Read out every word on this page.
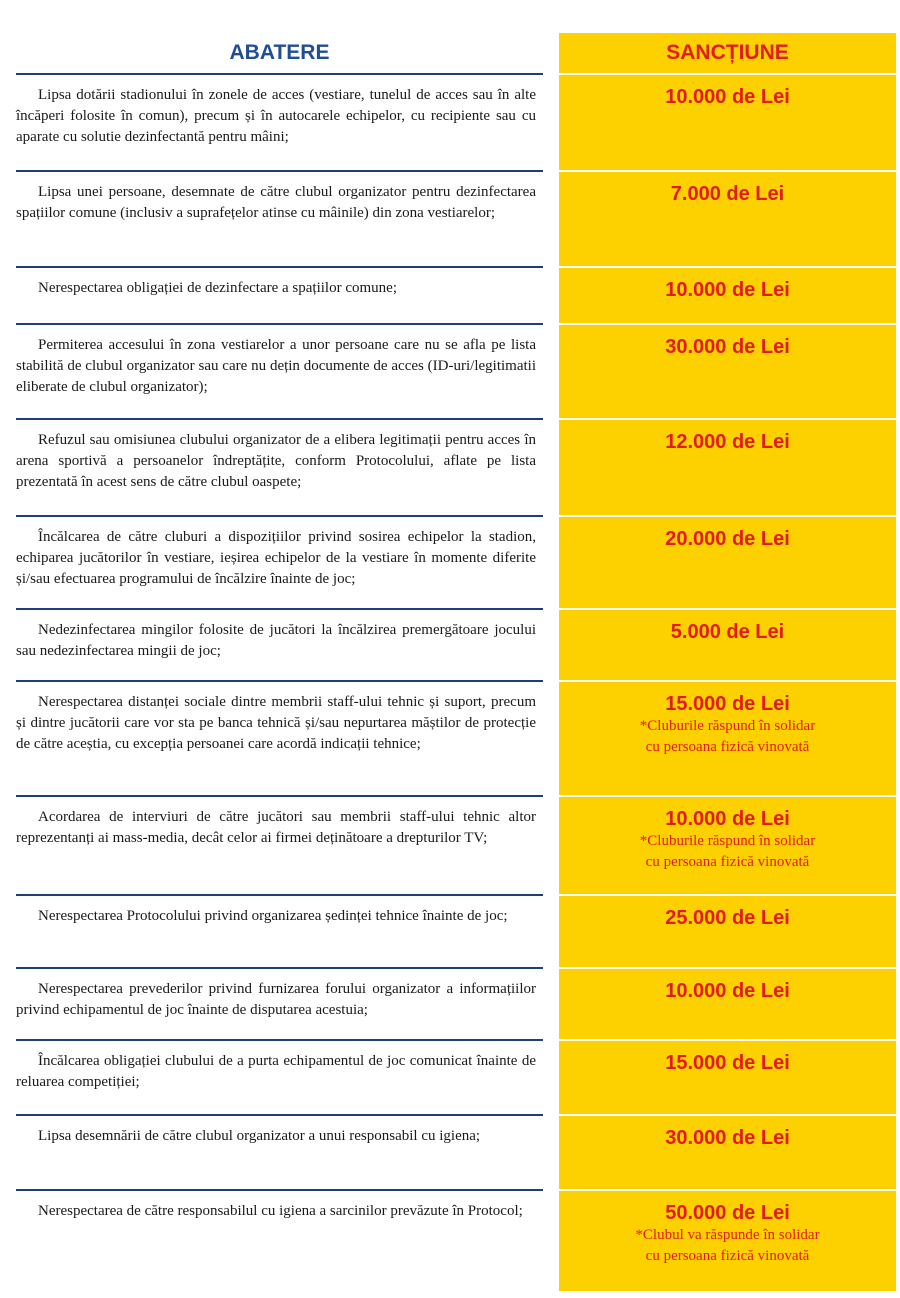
ABATERE	SANCȚIUNE
Lipsa dotării stadionului în zonele de acces (vestiare, tunelul de acces sau în alte încăperi folosite în comun), precum și în autocarele echipelor, cu recipiente sau cu aparate cu solutie dezinfectantă pentru mâini;
10.000 de Lei
Lipsa unei persoane, desemnate de către clubul organizator pentru dezinfectarea spațiilor comune (inclusiv a suprafețelor atinse cu mâinile) din zona vestiarelor;
7.000 de Lei
Nerespectarea obligației de dezinfectare a spațiilor comune;	10.000 de Lei
Permiterea accesului în zona vestiarelor a unor persoane care nu se afla pe lista stabilită de clubul organizator sau care nu dețin documente de acces (ID-uri/legitimatii eliberate de clubul organizator);
30.000 de Lei
Refuzul sau omisiunea clubului organizator de a elibera legitimații pentru acces în arena sportivă a persoanelor îndreptățite, conform Protocolului, aflate pe lista prezentată în acest sens de către clubul oaspete;
12.000 de Lei
Încălcarea de către cluburi a dispozițiilor privind sosirea echipelor la stadion, echiparea jucătorilor în vestiare, ieșirea echipelor de la vestiare în momente diferite și/sau efectuarea programului de încălzire înainte de joc;
20.000 de Lei
Nedezinfectarea mingilor folosite de jucători la încălzirea premergătoare jocului sau nedezinfectarea mingii de joc;
5.000 de Lei
Nerespectarea distanței sociale dintre membrii staff-ului tehnic și suport, precum și dintre jucătorii care vor sta pe banca tehnică și/sau nepurtarea măștilor de protecție de către aceștia, cu excepția persoanei care acordă indicații tehnice;
15.000 de Lei
*Cluburile răspund în solidar
cu persoana fizică vinovată
Acordarea de interviuri de către jucători sau membrii staff-ului tehnic altor reprezentanți ai mass-media, decât celor ai firmei deținătoare a drepturilor TV;
10.000 de Lei
*Cluburile răspund în solidar
cu persoana fizică vinovată
Nerespectarea Protocolului privind organizarea ședinței tehnice înainte de joc;	25.000 de Lei
Nerespectarea prevederilor privind furnizarea forului organizator a informațiilor privind echipamentul de joc înainte de disputarea acestuia;
10.000 de Lei
Încălcarea obligației clubului de a purta echipamentul de joc comunicat înainte de reluarea competiției;
15.000 de Lei
Lipsa desemnării de către clubul organizator a unui responsabil cu igiena;	30.000 de Lei
Nerespectarea de către responsabilul cu igiena a sarcinilor prevăzute în Protocol;	50.000 de Lei
*Clubul va răspunde în solidar
cu persoana fizică vinovată
